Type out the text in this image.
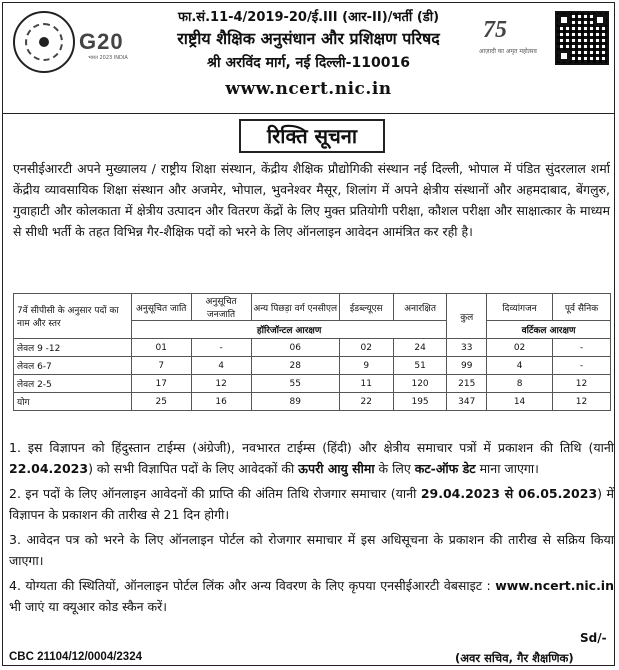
G20
भारत 2023 INDIA
फा.सं.11-4/2019-20/ई.III (आर-II)/भर्ती (डी)
राष्ट्रीय शैक्षिक अनुसंधान और प्रशिक्षण परिषद
श्री अरविंद मार्ग, नई दिल्ली-110016
www.ncert.nic.in
75
आज़ादी का अमृत महोत्सव
रिक्ति सूचना
एनसीईआरटी अपने मुख्यालय / राष्ट्रीय शिक्षा संस्थान, केंद्रीय शैक्षिक प्रौद्योगिकी संस्थान नई दिल्ली, भोपाल में पंडित सुंदरलाल शर्मा केंद्रीय व्यावसायिक शिक्षा संस्थान और अजमेर, भोपाल, भुवनेश्वर मैसूर, शिलांग में अपने क्षेत्रीय संस्थानों और अहमदाबाद, बेंगलुरु, गुवाहाटी और कोलकाता में क्षेत्रीय उत्पादन और वितरण केंद्रों के लिए मुक्त प्रतियोगी परीक्षा, कौशल परीक्षा और साक्षात्कार के माध्यम से सीधी भर्ती के तहत विभिन्न गैर-शैक्षिक पदों को भरने के लिए ऑनलाइन आवेदन आमंत्रित कर रही है।
7वें सीपीसी के अनुसार पदों का नाम और स्तर	अनुसूचित जाति	अनुसूचित जनजाति	अन्य पिछड़ा वर्ग एनसीएल	ईडब्ल्यूएस	अनारक्षित	कुल	दिव्यांगजन	पूर्व सैनिक
	हॉरिजॉन्टल आरक्षण						वर्टिकल आरक्षण	
लेवल 9 -12	01	-	06	02	24	33	02	-
लेवल 6-7	7	4	28	9	51	99	4	-
लेवल 2-5	17	12	55	11	120	215	8	12
योग	25	16	89	22	195	347	14	12
1. इस विज्ञापन को हिंदुस्तान टाईम्स (अंग्रेजी), नवभारत टाईम्स (हिंदी) और क्षेत्रीय समाचार पत्रों में प्रकाशन की तिथि (यानी 22.04.2023) को सभी विज्ञापित पदों के लिए आवेदकों की ऊपरी आयु सीमा के लिए कट-ऑफ डेट माना जाएगा।
2. इन पदों के लिए ऑनलाइन आवेदनों की प्राप्ति की अंतिम तिथि रोजगार समाचार (यानी 29.04.2023 से 06.05.2023) में विज्ञापन के प्रकाशन की तारीख से 21 दिन होगी।
3. आवेदन पत्र को भरने के लिए ऑनलाइन पोर्टल को रोजगार समाचार में इस अधिसूचना के प्रकाशन की तारीख से सक्रिय किया जाएगा।
4. योग्यता की स्थितियों, ऑनलाइन पोर्टल लिंक और अन्य विवरण के लिए कृपया एनसीईआरटी वेबसाइट : www.ncert.nic.in भी जाएं या क्यूआर कोड स्कैन करें।
Sd/-
CBC 21104/12/0004/2324	(अवर सचिव, गैर शैक्षणिक)
